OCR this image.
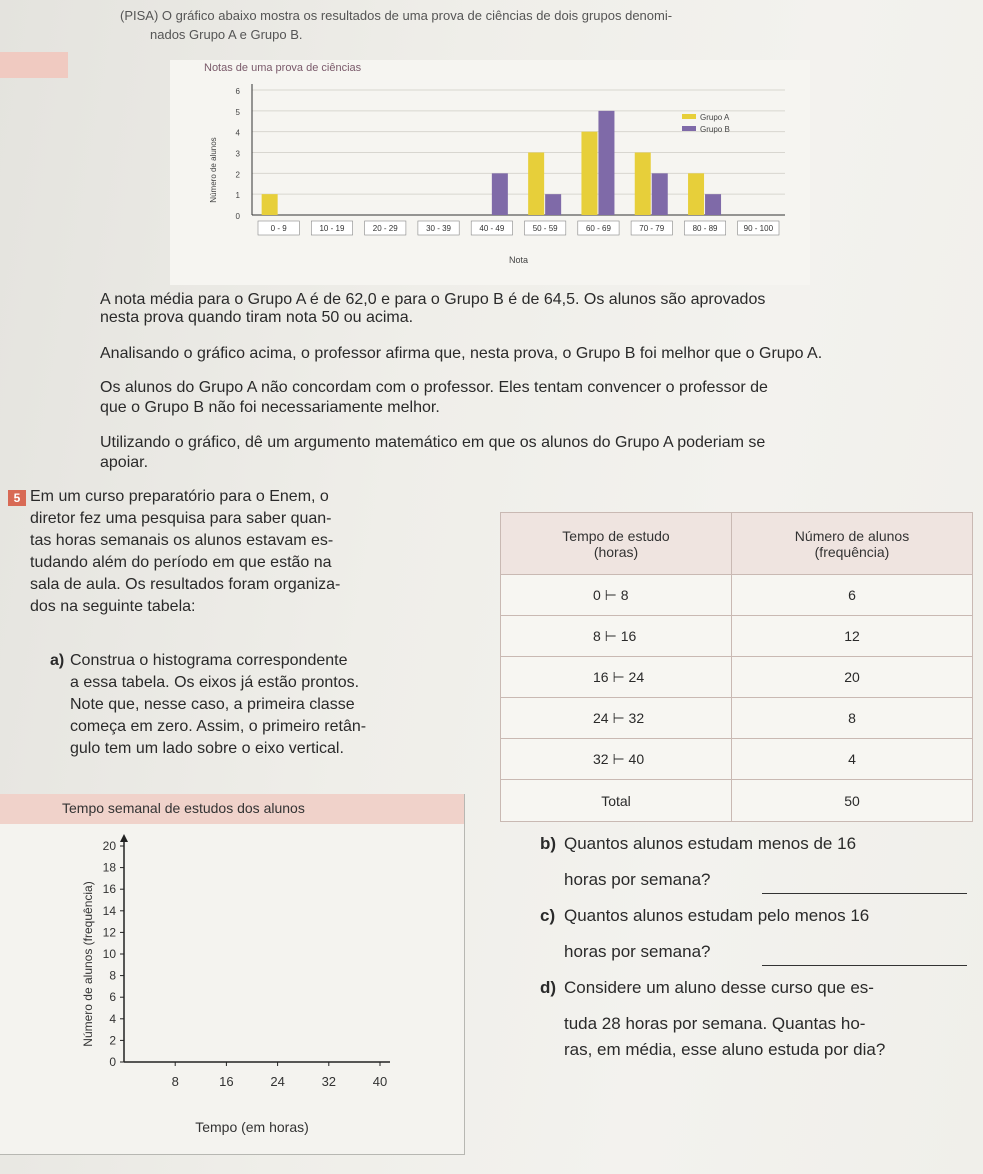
(PISA) O gráfico abaixo mostra os resultados de uma prova de ciências de dois grupos denomi-
nados Grupo A e Grupo B.
Notas de uma prova de ciências
0
1
2
3
4
5
6
0 - 9	10 - 19	20 - 29	30 - 39	40 - 49	50 - 59	60 - 69	70 - 79	80 - 89	90 - 100
Nota
Número de alunos
Grupo A
Grupo B
A nota média para o Grupo A é de 62,0 e para o Grupo B é de 64,5. Os alunos são aprovados
nesta prova quando tiram nota 50 ou acima.
Analisando o gráfico acima, o professor afirma que, nesta prova, o Grupo B foi melhor que o Grupo A.
Os alunos do Grupo A não concordam com o professor. Eles tentam convencer o professor de
que o Grupo B não foi necessariamente melhor.
Utilizando o gráfico, dê um argumento matemático em que os alunos do Grupo A poderiam se
apoiar.
5 Em um curso preparatório para o Enem, o
diretor fez uma pesquisa para saber quan-
tas horas semanais os alunos estavam es-
tudando além do período em que estão na
sala de aula. Os resultados foram organiza-
dos na seguinte tabela:
a) Construa o histograma correspondente
a essa tabela. Os eixos já estão prontos.
Note que, nesse caso, a primeira classe
começa em zero. Assim, o primeiro retân-
gulo tem um lado sobre o eixo vertical.
Tempo de estudo
(horas)	Número de alunos
(frequência)
0 ⊢ 8	6
8 ⊢ 16	12
16 ⊢ 24	20
24 ⊢ 32	8
32 ⊢ 40	4
Total	50
Tempo semanal de estudos dos alunos
0
2
4
6
8
10
12
14
16
18
20
8	16	24	32	40
Tempo (em horas)
Número de alunos (frequência)
b) Quantos alunos estudam menos de 16
horas por semana?
c) Quantos alunos estudam pelo menos 16
horas por semana?
d) Considere um aluno desse curso que es-
tuda 28 horas por semana. Quantas ho-
ras, em média, esse aluno estuda por dia?
